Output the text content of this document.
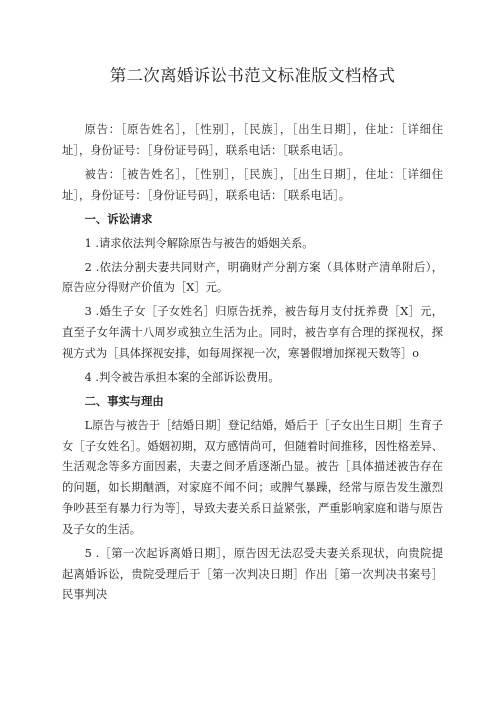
第二次离婚诉讼书范文标准版文档格式

原告：［原告姓名］，［性别］，［民族］，［出生日期］，住址：［详细住址］，身份证号：［身份证号码］，联系电话：［联系电话］。

被告：［被告姓名］，［性别］，［民族］，［出生日期］，住址：［详细住址］，身份证号：［身份证号码］，联系电话：［联系电话］。

一、诉讼请求

1 .请求依法判令解除原告与被告的婚姻关系。

2 .依法分割夫妻共同财产，明确财产分割方案（具体财产清单附后），原告应分得财产价值为［X］元。

3 .婚生子女［子女姓名］归原告抚养，被告每月支付抚养费［X］元，直至子女年满十八周岁或独立生活为止。同时，被告享有合理的探视权，探视方式为［具体探视安排，如每周探视一次，寒暑假增加探视天数等］o

4 .判令被告承担本案的全部诉讼费用。

二、事实与理由

L原告与被告于［结婚日期］登记结婚，婚后于［子女出生日期］生育子女［子女姓名］。婚姻初期，双方感情尚可，但随着时间推移，因性格差异、生活观念等多方面因素，夫妻之间矛盾逐渐凸显。被告［具体描述被告存在的问题，如长期酗酒，对家庭不闻不问；或脾气暴躁，经常与原告发生激烈争吵甚至有暴力行为等］，导致夫妻关系日益紧张，严重影响家庭和谐与原告及子女的生活。

5 .［第一次起诉离婚日期］，原告因无法忍受夫妻关系现状，向贵院提起离婚诉讼，贵院受理后于［第一次判决日期］作出［第一次判决书案号］民事判决
